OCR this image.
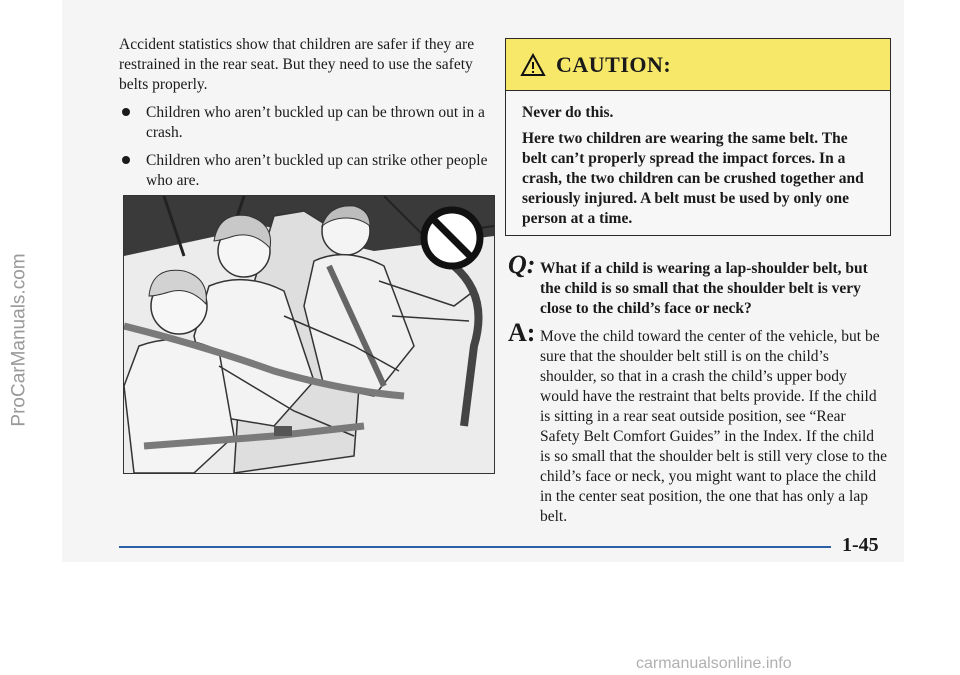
ProCarManuals.com

Accident statistics show that children are safer if they are restrained in the rear seat. But they need to use the safety belts properly.

Children who aren’t buckled up can be thrown out in a crash.
Children who aren’t buckled up can strike other people who are.
CAUTION:

Never do this.

Here two children are wearing the same belt. The belt can’t properly spread the impact forces. In a crash, the two children can be crushed together and seriously injured. A belt must be used by only one person at a time.

Q: What if a child is wearing a lap-shoulder belt, but the child is so small that the shoulder belt is very close to the child’s face or neck?
A: Move the child toward the center of the vehicle, but be sure that the shoulder belt still is on the child’s shoulder, so that in a crash the child’s upper body would have the restraint that belts provide. If the child is sitting in a rear seat outside position, see “Rear Safety Belt Comfort Guides” in the Index. If the child is so small that the shoulder belt is still very close to the child’s face or neck, you might want to place the child in the center seat position, the one that has only a lap belt.
1-45
carmanualsonline.info
